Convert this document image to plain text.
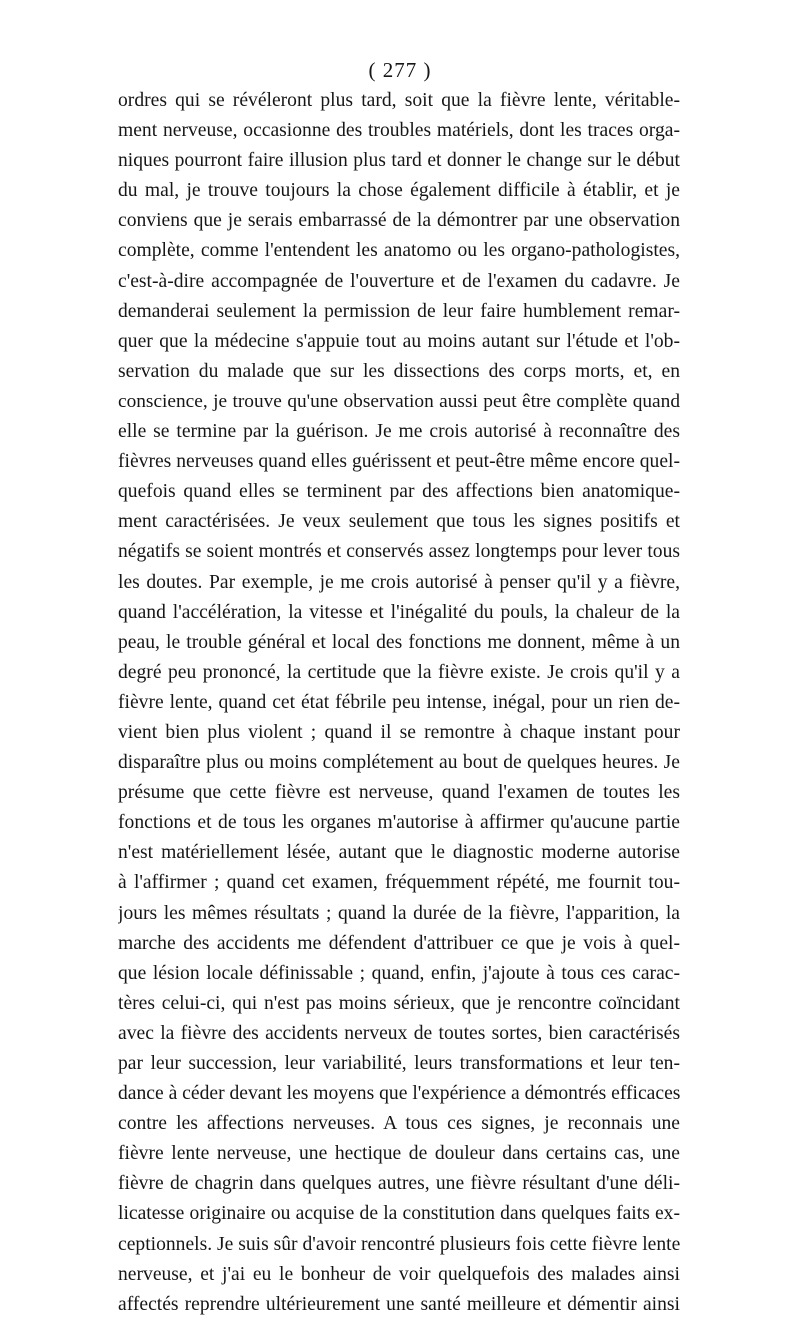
( 277 )
ordres qui se révéleront plus tard, soit que la fièvre lente, véritable-
ment nerveuse, occasionne des troubles matériels, dont les traces orga-
niques pourront faire illusion plus tard et donner le change sur le début
du mal, je trouve toujours la chose également difficile à établir, et je
conviens que je serais embarrassé de la démontrer par une observation
complète, comme l'entendent les anatomo ou les organo-pathologistes,
c'est-à-dire accompagnée de l'ouverture et de l'examen du cadavre. Je
demanderai seulement la permission de leur faire humblement remar-
quer que la médecine s'appuie tout au moins autant sur l'étude et l'ob-
servation du malade que sur les dissections des corps morts, et, en
conscience, je trouve qu'une observation aussi peut être complète quand
elle se termine par la guérison. Je me crois autorisé à reconnaître des
fièvres nerveuses quand elles guérissent et peut-être même encore quel-
quefois quand elles se terminent par des affections bien anatomique-
ment caractérisées. Je veux seulement que tous les signes positifs et
négatifs se soient montrés et conservés assez longtemps pour lever tous
les doutes. Par exemple, je me crois autorisé à penser qu'il y a fièvre,
quand l'accélération, la vitesse et l'inégalité du pouls, la chaleur de la
peau, le trouble général et local des fonctions me donnent, même à un
degré peu prononcé, la certitude que la fièvre existe. Je crois qu'il y a
fièvre lente, quand cet état fébrile peu intense, inégal, pour un rien de-
vient bien plus violent ; quand il se remontre à chaque instant pour
disparaître plus ou moins complétement au bout de quelques heures. Je
présume que cette fièvre est nerveuse, quand l'examen de toutes les
fonctions et de tous les organes m'autorise à affirmer qu'aucune partie
n'est matériellement lésée, autant que le diagnostic moderne autorise
à l'affirmer ; quand cet examen, fréquemment répété, me fournit tou-
jours les mêmes résultats ; quand la durée de la fièvre, l'apparition, la
marche des accidents me défendent d'attribuer ce que je vois à quel-
que lésion locale définissable ; quand, enfin, j'ajoute à tous ces carac-
tères celui-ci, qui n'est pas moins sérieux, que je rencontre coïncidant
avec la fièvre des accidents nerveux de toutes sortes, bien caractérisés
par leur succession, leur variabilité, leurs transformations et leur ten-
dance à céder devant les moyens que l'expérience a démontrés efficaces
contre les affections nerveuses. A tous ces signes, je reconnais une
fièvre lente nerveuse, une hectique de douleur dans certains cas, une
fièvre de chagrin dans quelques autres, une fièvre résultant d'une déli-
licatesse originaire ou acquise de la constitution dans quelques faits ex-
ceptionnels. Je suis sûr d'avoir rencontré plusieurs fois cette fièvre lente
nerveuse, et j'ai eu le bonheur de voir quelquefois des malades ainsi
affectés reprendre ultérieurement une santé meilleure et démentir ainsi
